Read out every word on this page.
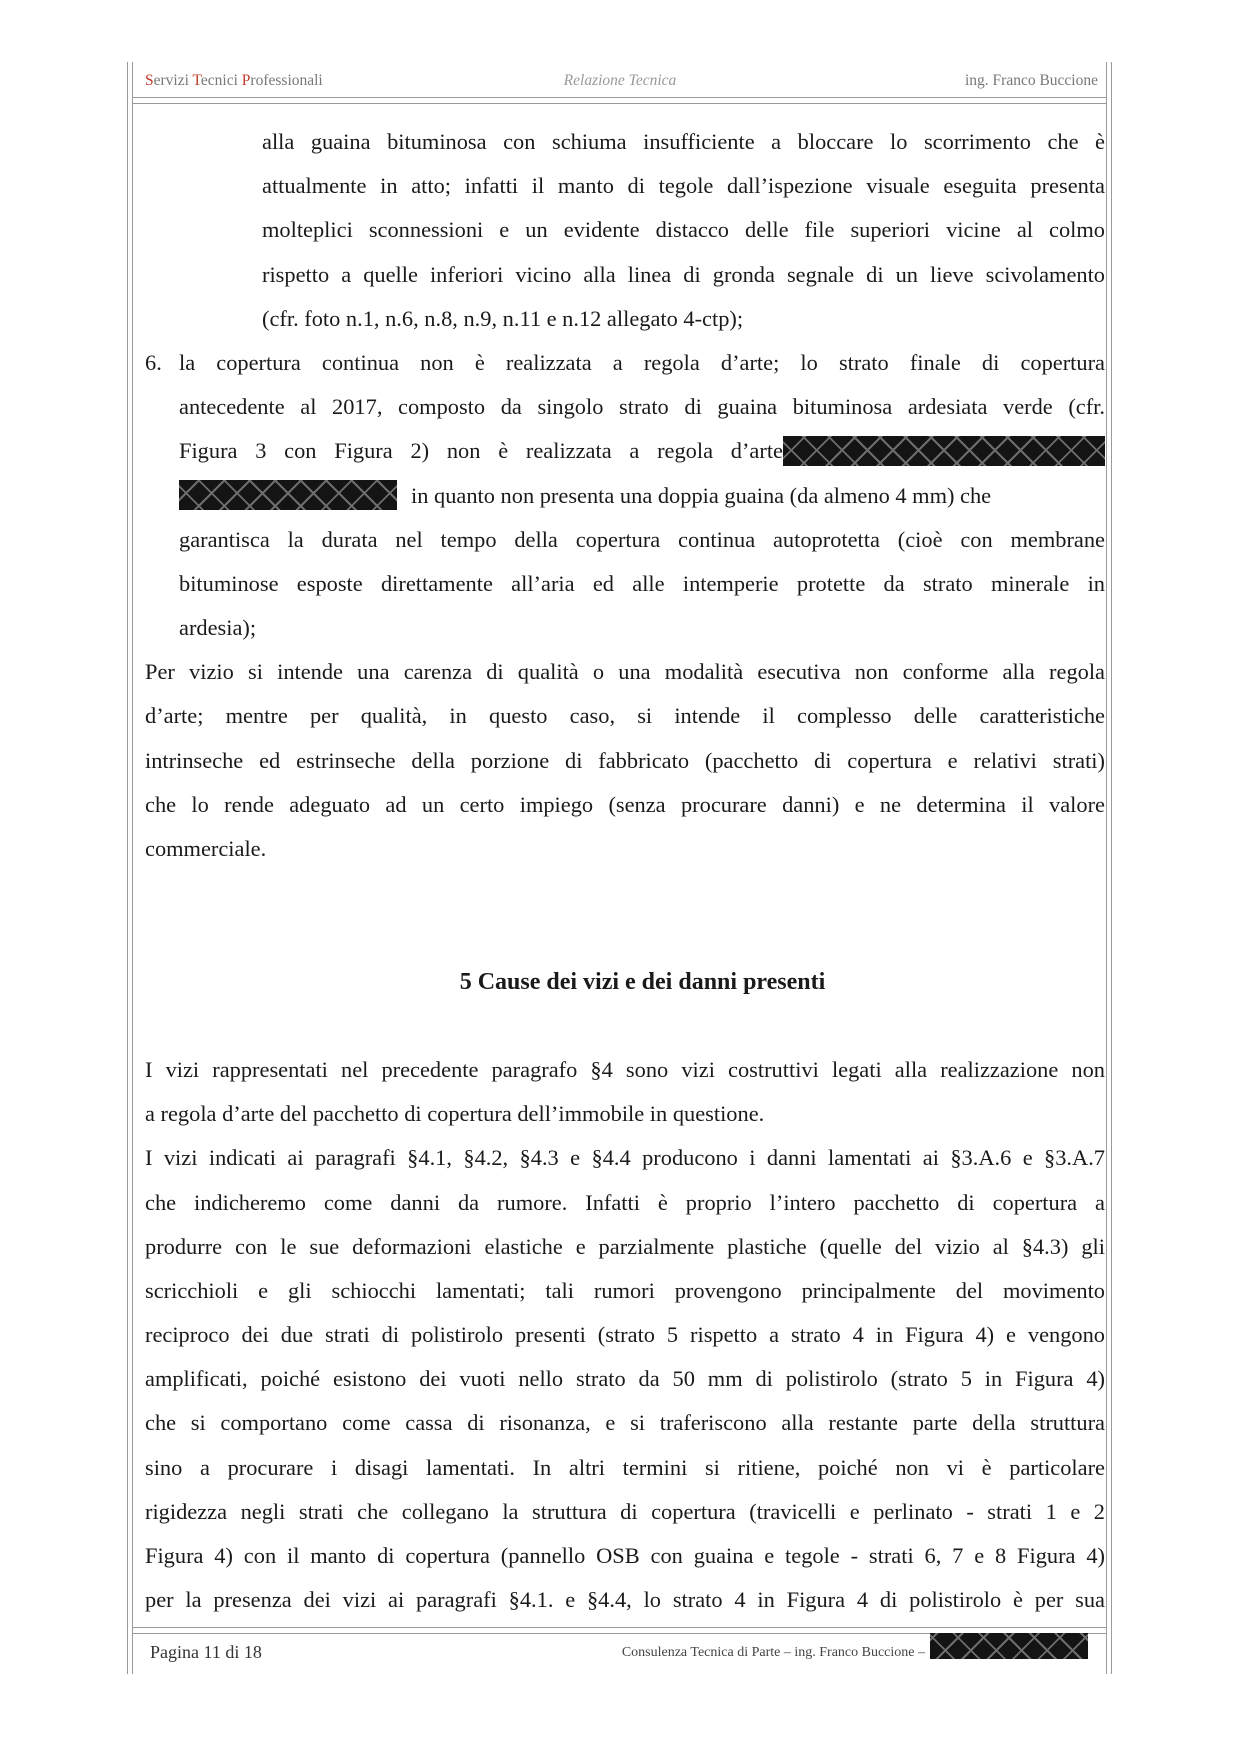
Servizi Tecnici Professionali	Relazione Tecnica	ing. Franco Buccione
alla guaina bituminosa con schiuma insufficiente a bloccare lo scorrimento che è
attualmente in atto; infatti il manto di tegole dall’ispezione visuale eseguita presenta
molteplici sconnessioni e un evidente distacco delle file superiori vicine al colmo
rispetto a quelle inferiori vicino alla linea di gronda segnale di un lieve scivolamento
(cfr. foto n.1, n.6, n.8, n.9, n.11 e n.12 allegato 4-ctp);
6. la copertura continua non è realizzata a regola d’arte; lo strato finale di copertura
antecedente al 2017, composto da singolo strato di guaina bituminosa ardesiata verde (cfr.
Figura 3 con Figura 2) non è realizzata a regola d’arte
in quanto non presenta una doppia guaina (da almeno 4 mm) che
garantisca la durata nel tempo della copertura continua autoprotetta (cioè con membrane
bituminose esposte direttamente all’aria ed alle intemperie protette da strato minerale in
ardesia);
Per vizio si intende una carenza di qualità o una modalità esecutiva non conforme alla regola
d’arte; mentre per qualità, in questo caso, si intende il complesso delle caratteristiche
intrinseche ed estrinseche della porzione di fabbricato (pacchetto di copertura e relativi strati)
che lo rende adeguato ad un certo impiego (senza procurare danni) e ne determina il valore
commerciale.
5 Cause dei vizi e dei danni presenti
I vizi rappresentati nel precedente paragrafo §4 sono vizi costruttivi legati alla realizzazione non
a regola d’arte del pacchetto di copertura dell’immobile in questione.
I vizi indicati ai paragrafi §4.1, §4.2, §4.3 e §4.4 producono i danni lamentati ai §3.A.6 e §3.A.7
che indicheremo come danni da rumore. Infatti è proprio l’intero pacchetto di copertura a
produrre con le sue deformazioni elastiche e parzialmente plastiche (quelle del vizio al §4.3) gli
scricchioli e gli schiocchi lamentati; tali rumori provengono principalmente del movimento
reciproco dei due strati di polistirolo presenti (strato 5 rispetto a strato 4 in Figura 4) e vengono
amplificati, poiché esistono dei vuoti nello strato da 50 mm di polistirolo (strato 5 in Figura 4)
che si comportano come cassa di risonanza, e si traferiscono alla restante parte della struttura
sino a procurare i disagi lamentati. In altri termini si ritiene, poiché non vi è particolare
rigidezza negli strati che collegano la struttura di copertura (travicelli e perlinato - strati 1 e 2
Figura 4) con il manto di copertura (pannello OSB con guaina e tegole - strati 6, 7 e 8 Figura 4)
per la presenza dei vizi ai paragrafi §4.1. e §4.4, lo strato 4 in Figura 4 di polistirolo è per sua
Pagina 11 di 18	Consulenza Tecnica di Parte – ing. Franco Buccione –
